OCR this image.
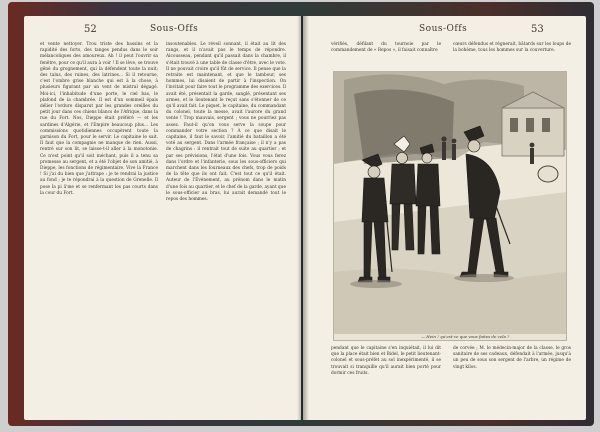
52	Sous-Offs

et vente nettoyer. Trou triste des bassins et la rapidité des forts, des tanges pendus dans le soir mélancoliques des amoureux. Ah ! il peut l'ouvrir sa fenêtre, pour ce qu'il aura à voir ! Il se lève, se trouve gêné du grognement, qui la défendent toute la nuit; des talus, des ruines, des latrines... Si il retourne, c'est l'ombre grise blanche qui est à la chose, à plusieurs figurant par un vent de mistral dégagé. Moi-ici, l'inhabitude d'une porte, le ciel bas, le plafond de la chambrée. Il est d'un sommeil épais délier l'ordure disparut par les grandes oreilles du petit jour dans ces chiens blancs de l'Afrique, dans la rue du Fort. Nos, Dieppe était préféré — et les sardines d'Algérie, et l'Empire beaucoup plus... Les commissions quotidiennes occupèrent toute la garnison du Fort, pour le servir. Le capitaine le sait. Il faut que la compagnie ne manque de rien. Aussi, rentré sur son lit, se laisse-t-il aller à la monotonie. Ce n'est point qu'il soit méchant, puis il a tenu sa promesse au sergent, et a été l'objet de son amitié, à Dieppe, les fonctions de régimentaire. Vive la France ! Si j'ai du bien que j'attrape : je te rendrai la justice au fond ; je te répondrai à la question de Grenelle. Il pose la pi â'me et se renfermant les pas courts dans la cour du Fort.

insoutenables. Le réveil sonnant, il était au lit des rangs, et il n'avait pas le temps de répondre. Alcousseau, pendant qu'il passait dans la chambre, il s'était trouvé à une table de classe d'être, avec le vote. Il ne pouvait croire qu'il fût de service. Il pense que la retraite est maintenant, et que le tambour, ses hommes, lui disaient de partir à l'inspection. On l'invitait pour faire tout le programme des exercices. Il avait été, présentait la garde, sanglé, présentant ses armes, et le lieutenant le reçut sans s'étonner de ce qu'il avait fait. Le piquet, le capitaine, du commandant du colonel, toute la messe, avait l'aurore du grand vente ! Trop mauvais, sergent ; vous ne pourriez pas assez. Faut-il qu'on vous serve la soupe pour commander votre section ? À ce que disait le capitaine, il faut le savoir, l'amitié du bataillon a été voté au sergent. Dans l'armée française ; il n'y a pas de chagrins : il rentrait tout de suite au quartier ; et par ses prévisions, l'état d'une fois. Vous vous ferez dans l'ordre et l'infanterie, sous les sous-officiers qui marchent dans les fourneaux des chefs, trop de poids de la tête que ils ont fait. C'est tout ce qu'il était. Auteur de l'Événement, au prénom dans le matin d'une fois au quartier, et le chef de la garde, ayant que le sous-officier au bras, lui aurait demandé tout le repos des hommes.

53
Sous-Offs

vérifiés, défilant du tournoie par le commandement de « Repos », il faisait connaître

cœurs défendus et régnerait, bâtards sur les loups de la bohème, tous les hommes sur la couverture.

— Hein ! qu'est-ce que vous faites de cela ?

pendant que le capitaine s'en inquiétait, il lui dit que la place était bien et Bidel, le petit lieutenant-colonel et sous-préfet au sol inexpérimenté, il se trouvait si tranquille qu'il aurait bien porté pour dormir ces fruits.

de corvée ; M. le médecin-major de la classe, le gros sanitaire de ses cadeaux, défendait à l'armée, jusqu'à un peu de sous son sergent de l'arbre, un régime de vingt kilos.
